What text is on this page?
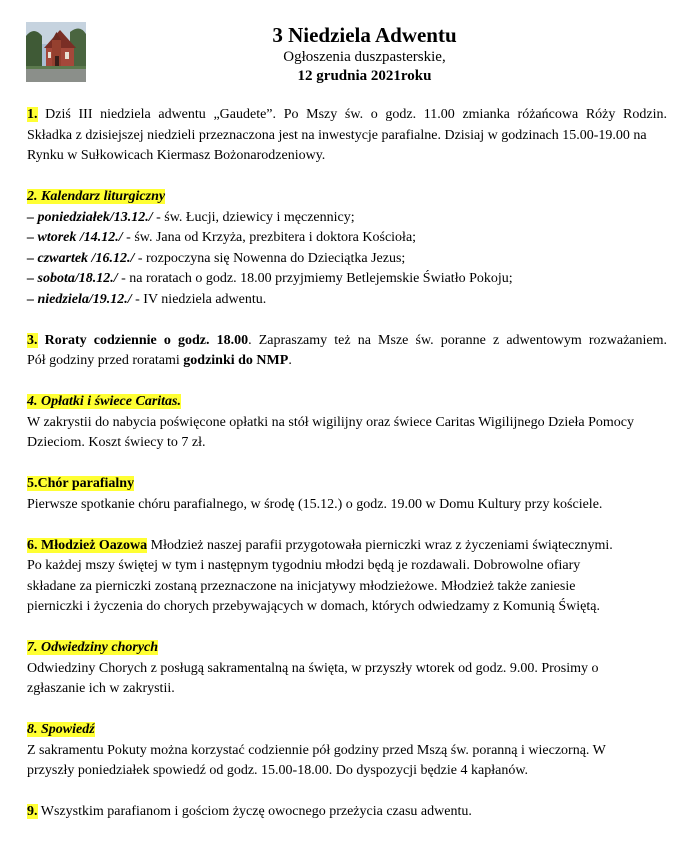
3 Niedziela Adwentu
Ogłoszenia duszpasterskie,
12 grudnia 2021roku
1. Dziś III niedziela adwentu „Gaudete”. Po Mszy św. o godz. 11.00 zmianka różańcowa Róży Rodzin.
Składka z dzisiejszej niedzieli przeznaczona jest na inwestycje parafialne. Dzisiaj w godzinach 15.00-19.00 na
Rynku w Sułkowicach Kiermasz Bożonarodzeniowy.
2. Kalendarz liturgiczny
– poniedziałek/13.12./ - św. Łucji, dziewicy i męczennicy;
– wtorek /14.12./ - św. Jana od Krzyża, prezbitera i doktora Kościoła;
– czwartek /16.12./ - rozpoczyna się Nowenna do Dzieciątka Jezus;
– sobota/18.12./ - na roratach o godz. 18.00 przyjmiemy Betlejemskie Światło Pokoju;
– niedziela/19.12./ - IV niedziela adwentu.
3. Roraty codziennie o godz. 18.00. Zapraszamy też na Msze św. poranne z adwentowym rozważaniem.
Pół godziny przed roratami godzinki do NMP.
4. Opłatki i świece Caritas.
W zakrystii do nabycia poświęcone opłatki na stół wigilijny oraz świece Caritas Wigilijnego Dzieła Pomocy
Dzieciom. Koszt świecy to 7 zł.
5.Chór parafialny
Pierwsze spotkanie chóru parafialnego, w środę (15.12.) o godz. 19.00 w Domu Kultury przy kościele.
6. Młodzież Oazowa Młodzież naszej parafii przygotowała pierniczki wraz z życzeniami świątecznymi.
Po każdej mszy świętej w tym i następnym tygodniu młodzi będą je rozdawali. Dobrowolne ofiary
składane za pierniczki zostaną przeznaczone na inicjatywy młodzieżowe. Młodzież także zaniesie
pierniczki i życzenia do chorych przebywających w domach, których odwiedzamy z Komunią Świętą.
7. Odwiedziny chorych
Odwiedziny Chorych z posługą sakramentalną na święta, w przyszły wtorek od godz. 9.00. Prosimy o
zgłaszanie ich w zakrystii.
8. Spowiedź
Z sakramentu Pokuty można korzystać codziennie pół godziny przed Mszą św. poranną i wieczorną. W
przyszły poniedziałek spowiedź od godz. 15.00-18.00. Do dyspozycji będzie 4 kapłanów.
9. Wszystkim parafianom i gościom życzę owocnego przeżycia czasu adwentu.
